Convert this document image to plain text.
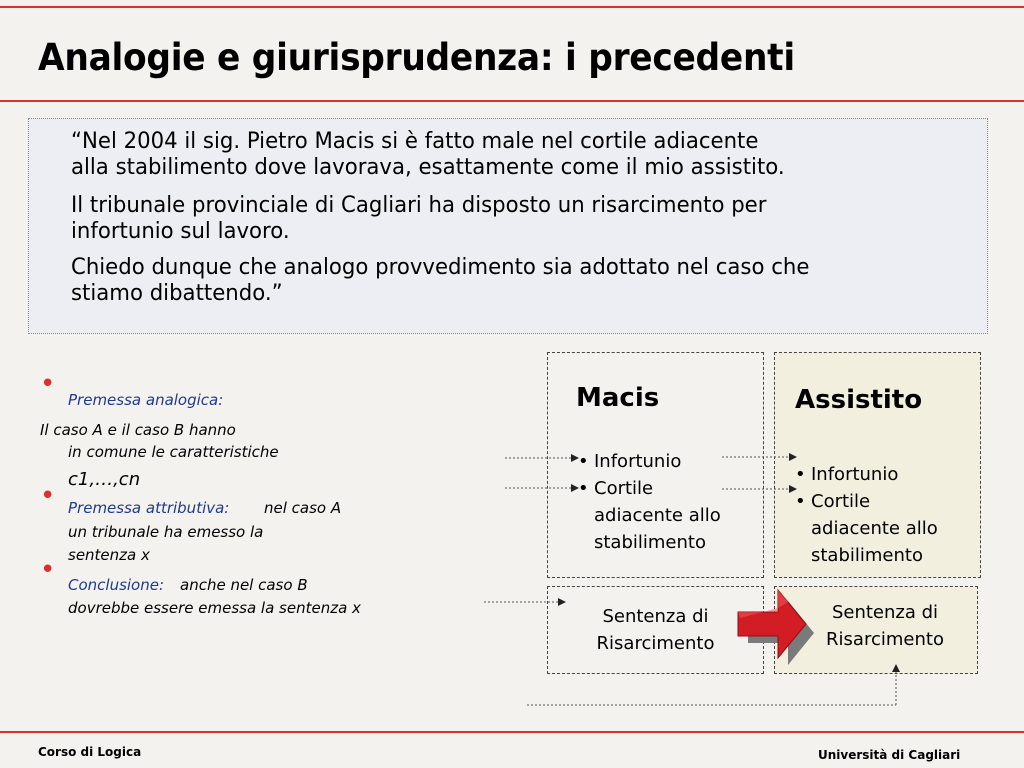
Analogie e giurisprudenza: i precedenti

“Nel 2004 il sig. Pietro Macis si è fatto male nel cortile adiacente

alla stabilimento dove lavorava, esattamente come il mio assistito.

Il tribunale provinciale di Cagliari ha disposto un risarcimento per

infortunio sul lavoro.

Chiedo dunque che analogo provvedimento sia adottato nel caso che

stiamo dibattendo.”

•
Premessa analogica:
Il caso A e il caso B hanno
in comune le caratteristiche
c1,…,cn
• Premessa attributiva: nel caso A
un tribunale ha emesso la
sentenza x
• Conclusione: anche nel caso B
dovrebbe essere emessa la sentenza x
Macis
• Infortunio
• Cortile
adiacente allo
stabilimento
Assistito
• Infortunio
• Cortile
adiacente allo
stabilimento
Sentenza di
Risarcimento
Sentenza di
Risarcimento
Corso di Logica	Università di Cagliari
